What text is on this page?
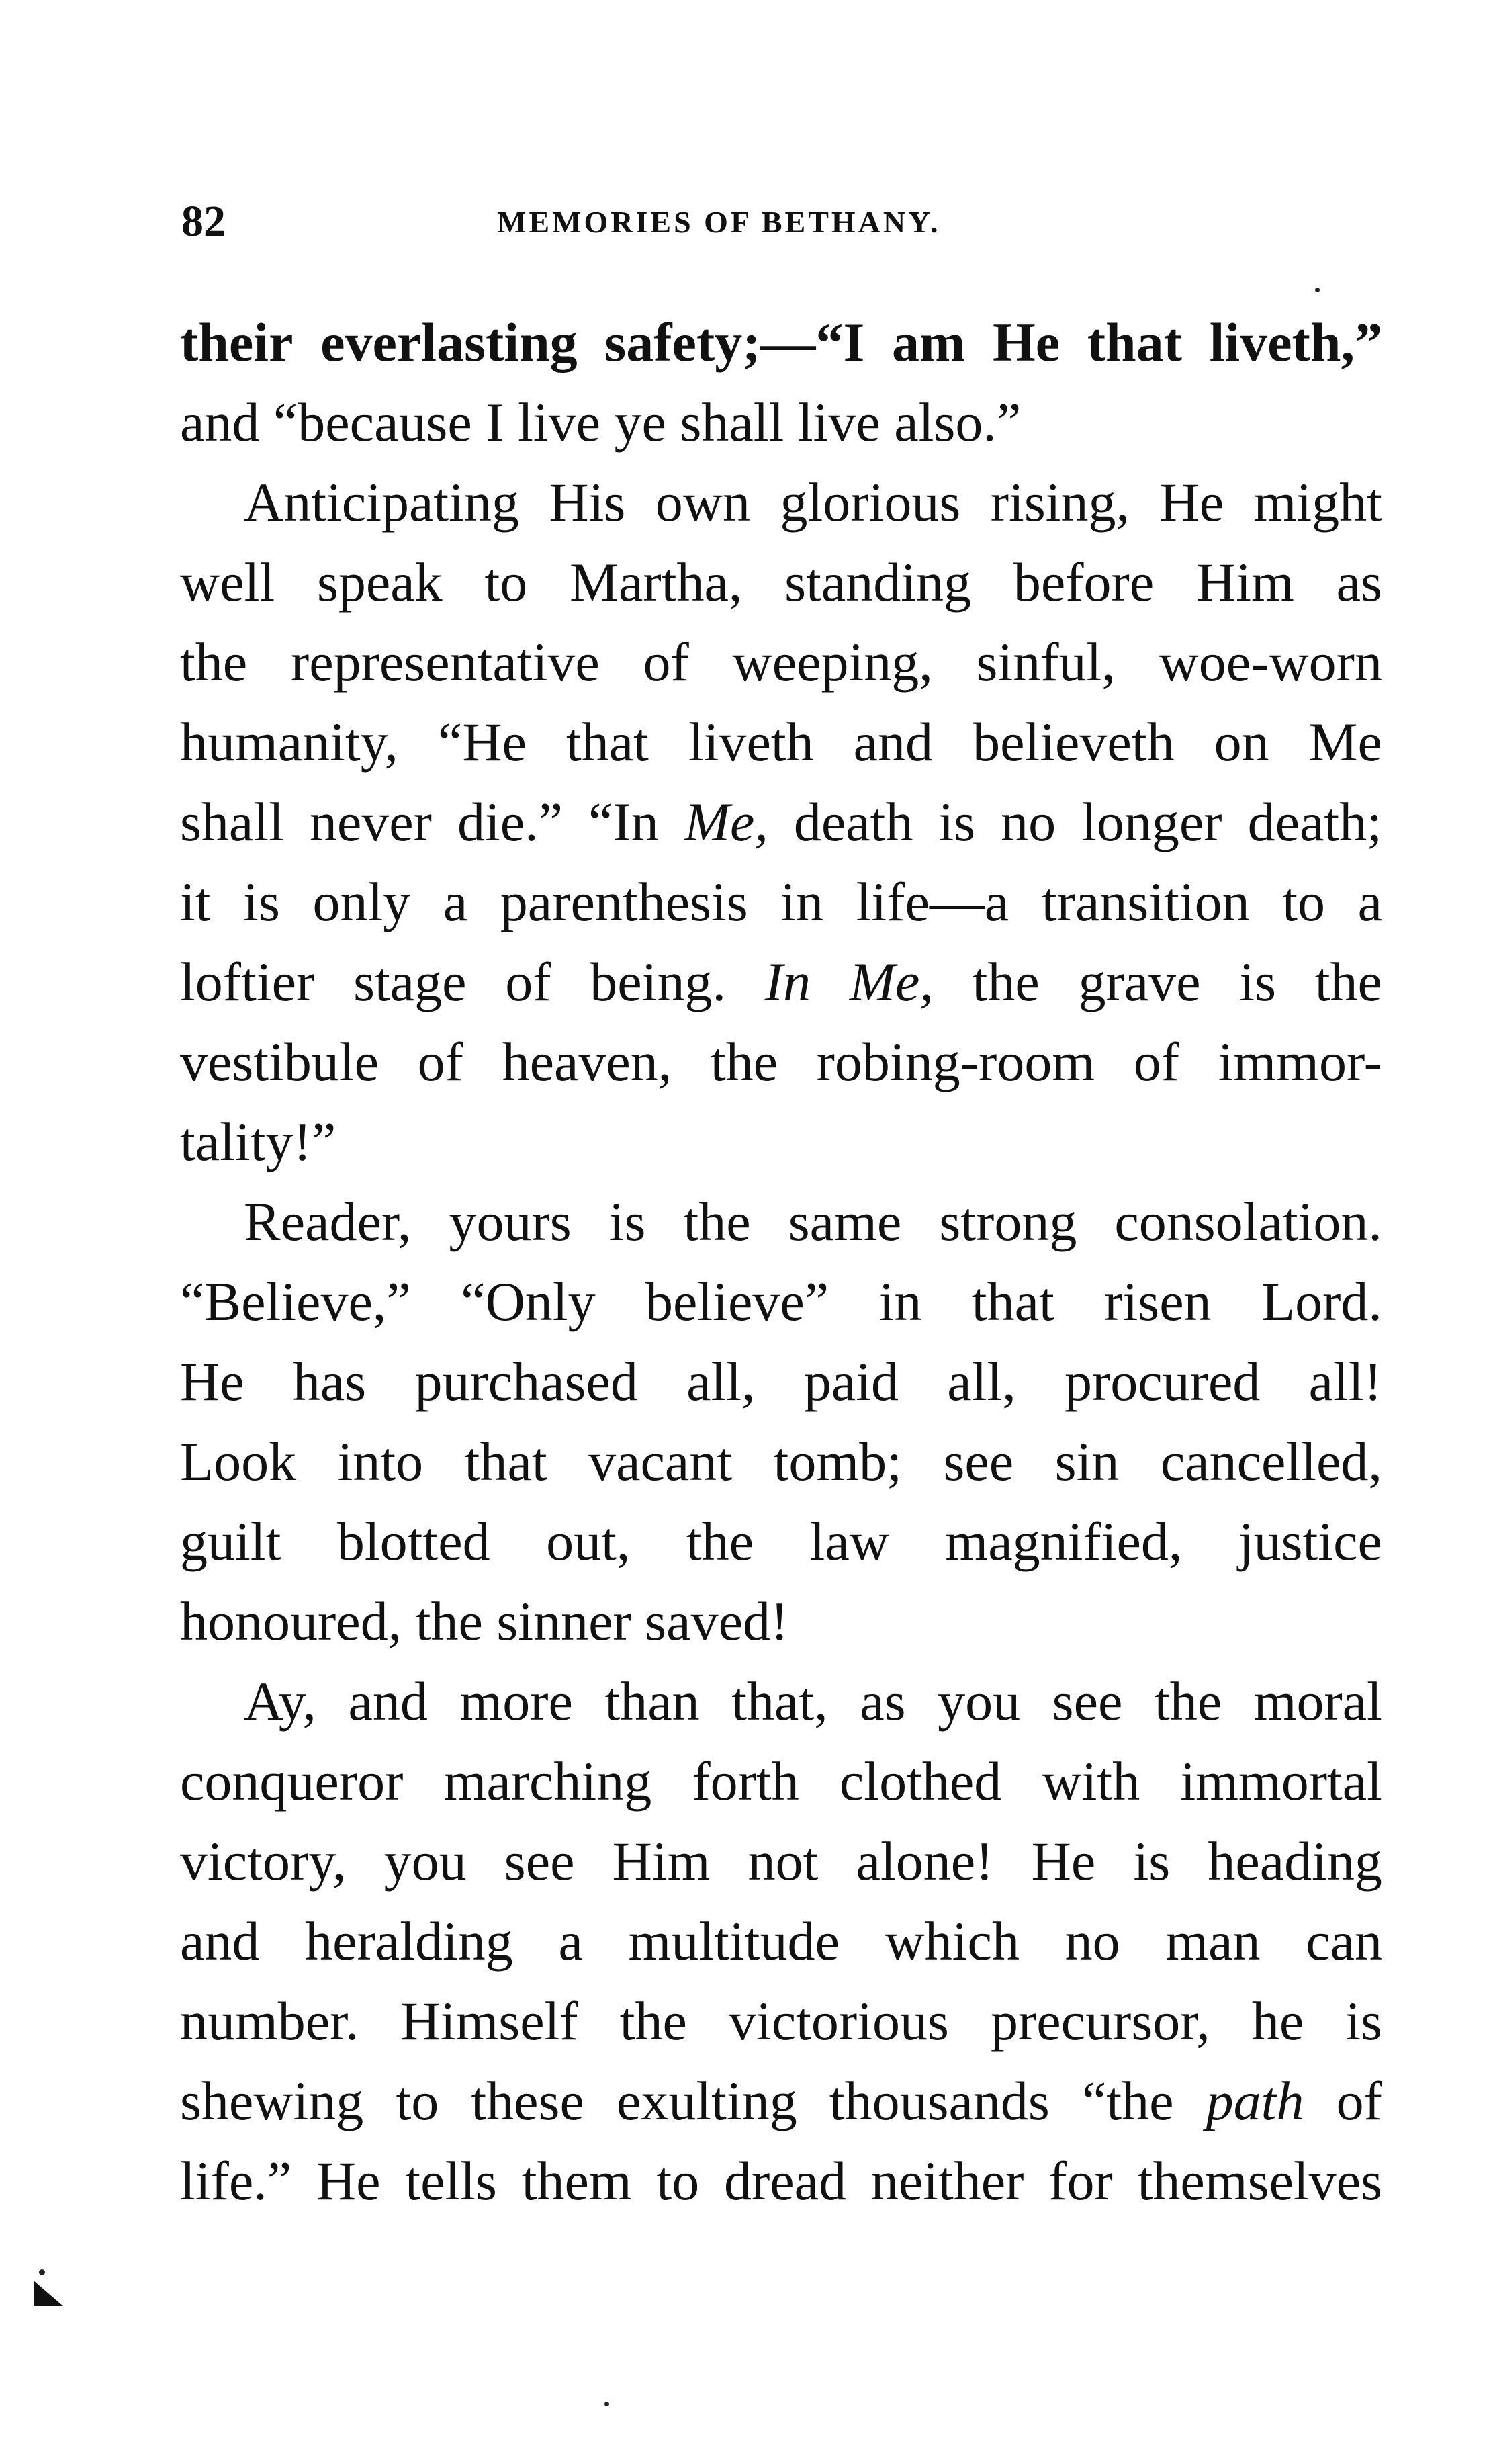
82	MEMORIES OF BETHANY.
their everlasting safety;—“I am He that liveth,”
and “because I live ye shall live also.”
Anticipating His own glorious rising, He might
well speak to Martha, standing before Him as
the representative of weeping, sinful, woe-worn
humanity, “He that liveth and believeth on Me
shall never die.” “In Me, death is no longer death;
it is only a parenthesis in life—a transition to a
loftier stage of being. In Me, the grave is the
vestibule of heaven, the robing-room of immor-
tality!”
Reader, yours is the same strong consolation.
“Believe,” “Only believe” in that risen Lord.
He has purchased all, paid all, procured all!
Look into that vacant tomb; see sin cancelled,
guilt blotted out, the law magnified, justice
honoured, the sinner saved!
Ay, and more than that, as you see the moral
conqueror marching forth clothed with immortal
victory, you see Him not alone! He is heading
and heralding a multitude which no man can
number. Himself the victorious precursor, he is
shewing to these exulting thousands “the path of
life.” He tells them to dread neither for themselves
